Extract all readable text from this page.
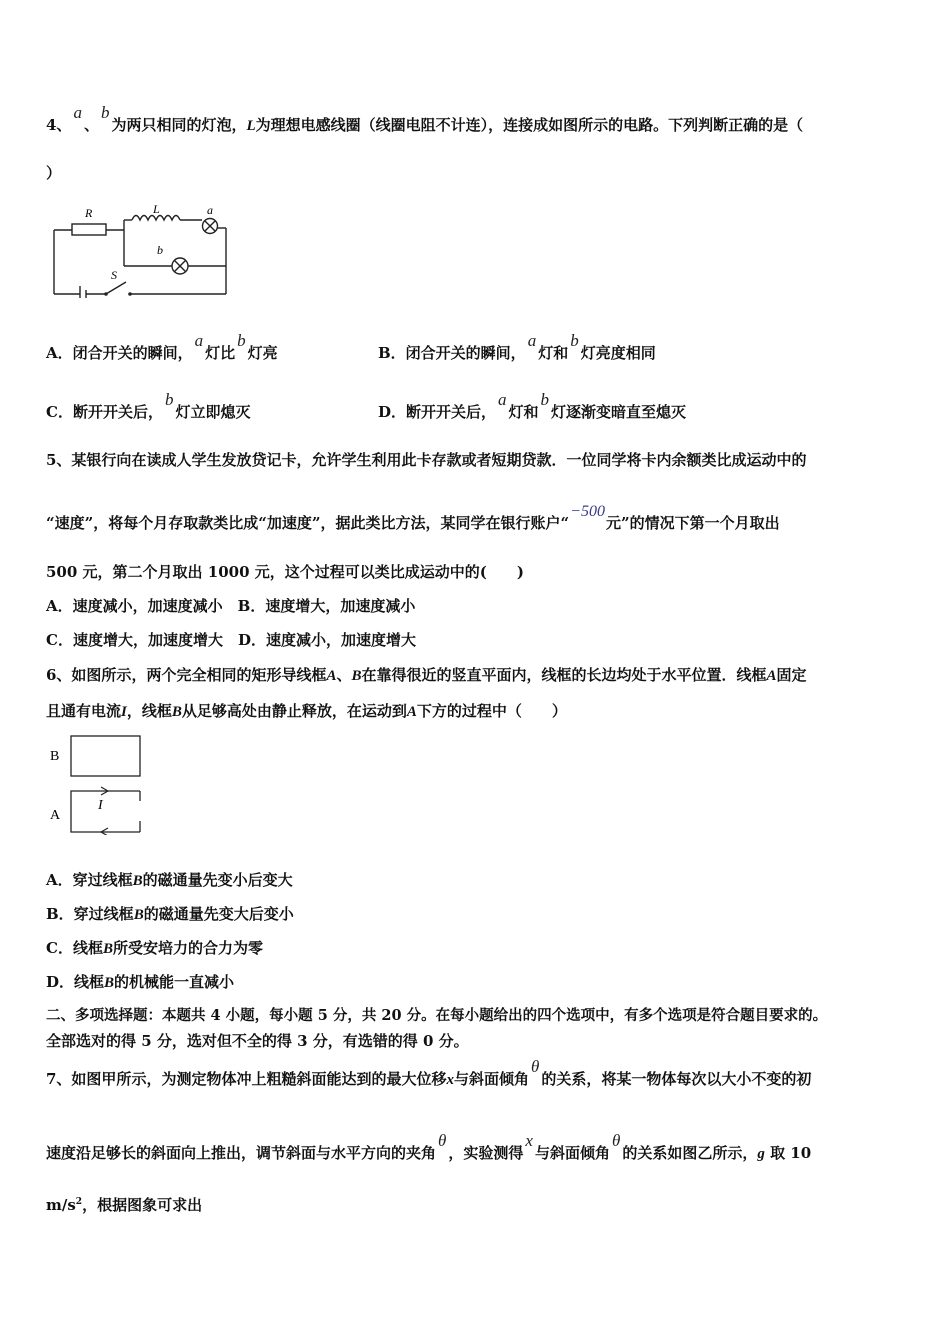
4、a、b为两只相同的灯泡，L为理想电感线圈（线圈电阻不计连），连接成如图所示的电路。下列判断正确的是（
）
R	L	a
b
S
A．闭合开关的瞬间，a灯比b灯亮	B．闭合开关的瞬间，a灯和b灯亮度相同
C．断开开关后，b灯立即熄灭	D．断开开关后，a灯和b灯逐渐变暗直至熄灭
5、某银行向在读成人学生发放贷记卡，允许学生利用此卡存款或者短期贷款．一位同学将卡内余额类比成运动中的
“速度”，将每个月存取款类比成“加速度”，据此类比方法，某同学在银行账户“−500元”的情况下第一个月取出
500 元，第二个月取出 1000 元，这个过程可以类比成运动中的(　　)
A．速度减小，加速度减小　B．速度增大，加速度减小
C．速度增大，加速度增大　D．速度减小，加速度增大
6、如图所示，两个完全相同的矩形导线框A、B在靠得很近的竖直平面内，线框的长边均处于水平位置．线框A固定
且通有电流I，线框B从足够高处由静止释放，在运动到A下方的过程中（　　）
B
A
I
A．穿过线框B的磁通量先变小后变大
B．穿过线框B的磁通量先变大后变小
C．线框B所受安培力的合力为零
D．线框B的机械能一直减小
二、多项选择题：本题共 4 小题，每小题 5 分，共 20 分。在每小题给出的四个选项中，有多个选项是符合题目要求的。
全部选对的得 5 分，选对但不全的得 3 分，有选错的得 0 分。
7、如图甲所示，为测定物体冲上粗糙斜面能达到的最大位移x与斜面倾角θ的关系，将某一物体每次以大小不变的初
速度沿足够长的斜面向上推出，调节斜面与水平方向的夹角θ，实验测得x与斜面倾角θ的关系如图乙所示，g 取 10
$m/s^2$，根据图象可求出
